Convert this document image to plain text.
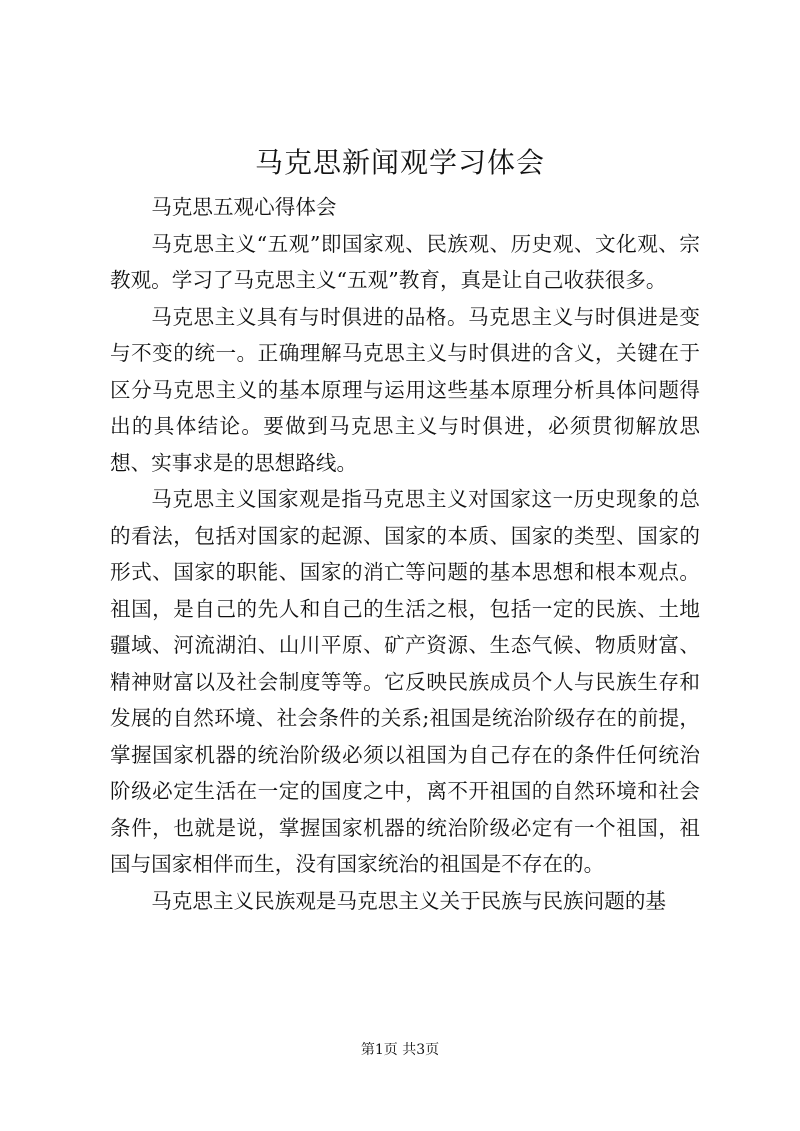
马克思新闻观学习体会

马克思五观心得体会

马克思主义“五观”即国家观、民族观、历史观、文化观、宗教观。学习了马克思主义“五观”教育，真是让自己收获很多。

马克思主义具有与时俱进的品格。马克思主义与时俱进是变与不变的统一。正确理解马克思主义与时俱进的含义，关键在于区分马克思主义的基本原理与运用这些基本原理分析具体问题得出的具体结论。要做到马克思主义与时俱进，必须贯彻解放思想、实事求是的思想路线。

马克思主义国家观是指马克思主义对国家这一历史现象的总的看法，包括对国家的起源、国家的本质、国家的类型、国家的形式、国家的职能、国家的消亡等问题的基本思想和根本观点。祖国，是自己的先人和自己的生活之根，包括一定的民族、土地疆域、河流湖泊、山川平原、矿产资源、生态气候、物质财富、精神财富以及社会制度等等。它反映民族成员个人与民族生存和发展的自然环境、社会条件的关系;祖国是统治阶级存在的前提，掌握国家机器的统治阶级必须以祖国为自己存在的条件任何统治阶级必定生活在一定的国度之中，离不开祖国的自然环境和社会条件，也就是说，掌握国家机器的统治阶级必定有一个祖国，祖国与国家相伴而生，没有国家统治的祖国是不存在的。

马克思主义民族观是马克思主义关于民族与民族问题的基

第1页 共3页
